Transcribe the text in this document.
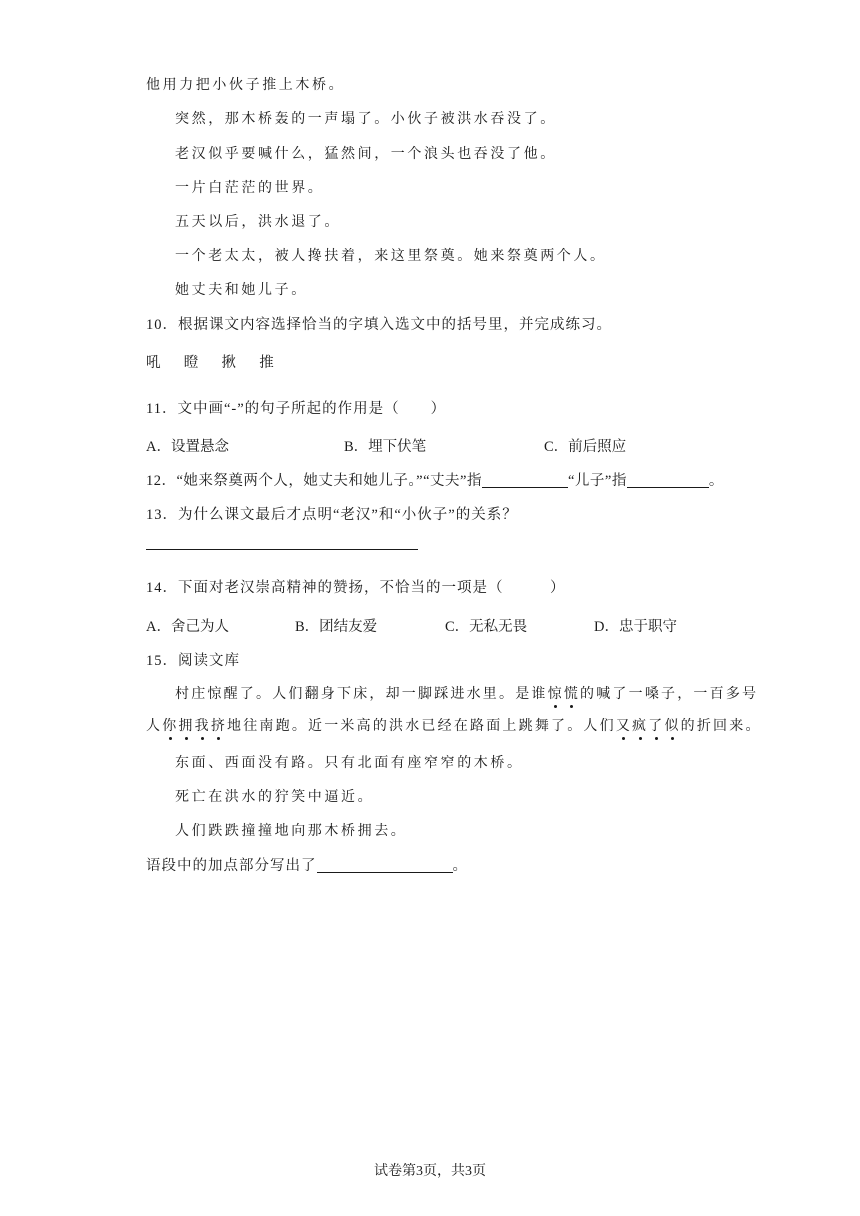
他用力把小伙子推上木桥。
突然，那木桥轰的一声塌了。小伙子被洪水吞没了。
老汉似乎要喊什么，猛然间，一个浪头也吞没了他。
一片白茫茫的世界。
五天以后，洪水退了。
一个老太太，被人搀扶着，来这里祭奠。她来祭奠两个人。
她丈夫和她儿子。
10．根据课文内容选择恰当的字填入选文中的括号里，并完成练习。
吼 瞪 揪 推
11．文中画“-”的句子所起的作用是（　　）
A．设置悬念	B．埋下伏笔	C．前后照应
12．“她来祭奠两个人，她丈夫和她儿子。”“丈夫”指	“儿子”指	。
13．为什么课文最后才点明“老汉”和“小伙子”的关系？
14．下面对老汉崇高精神的赞扬，不恰当的一项是（　　　）
A．舍己为人	B．团结友爱	C．无私无畏	D．忠于职守
15．阅读文库
村庄惊醒了。人们翻身下床，却一脚踩进水里。是谁惊慌的喊了一嗓子，一百多号
人你拥我挤地往南跑。近一米高的洪水已经在路面上跳舞了。人们又疯了似的折回来。
东面、西面没有路。只有北面有座窄窄的木桥。
死亡在洪水的狞笑中逼近。
人们跌跌撞撞地向那木桥拥去。
语段中的加点部分写出了	。
试卷第3页，共3页
